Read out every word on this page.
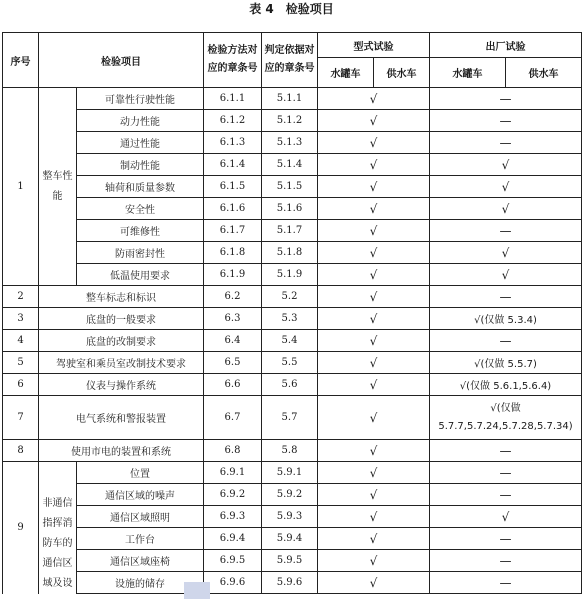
表 4　检验项目
序号	检验项目		检验方法对应的章条号	判定依据对应的章条号	型式试验		出厂试验	
					水罐车	供水车	水罐车	供水车
1	整车性能	可靠性行驶性能	6.1.1	5.1.1	√		—	
		动力性能	6.1.2	5.1.2	√		—	
		通过性能	6.1.3	5.1.3	√		—	
		制动性能	6.1.4	5.1.4	√		√	
		轴荷和质量参数	6.1.5	5.1.5	√		√	
		安全性	6.1.6	5.1.6	√		√	
		可维修性	6.1.7	5.1.7	√		—	
		防雨密封性	6.1.8	5.1.8	√		√	
		低温使用要求	6.1.9	5.1.9	√		√	
2	整车标志和标识		6.2	5.2	√		—	
3	底盘的一般要求		6.3	5.3	√		√(仅做 5.3.4)	
4	底盘的改制要求		6.4	5.4	√		—	
5	驾驶室和乘员室改制技术要求		6.5	5.5	√		√(仅做 5.5.7)	
6	仪表与操作系统		6.6	5.6	√		√(仅做 5.6.1,5.6.4)	
7	电气系统和警报装置		6.7	5.7	√		√(仅做 5.7.7,5.7.24,5.7.28,5.7.34)	
8	使用市电的装置和系统		6.8	5.8	√		—	
9	非通信指挥消防车的通信区域及设	位置	6.9.1	5.9.1	√		—	
		通信区域的噪声	6.9.2	5.9.2	√		—	
		通信区域照明	6.9.3	5.9.3	√		√	
		工作台	6.9.4	5.9.4	√		—	
		通信区域座椅	6.9.5	5.9.5	√		—	
		设施的储存	6.9.6	5.9.6	√		—	
